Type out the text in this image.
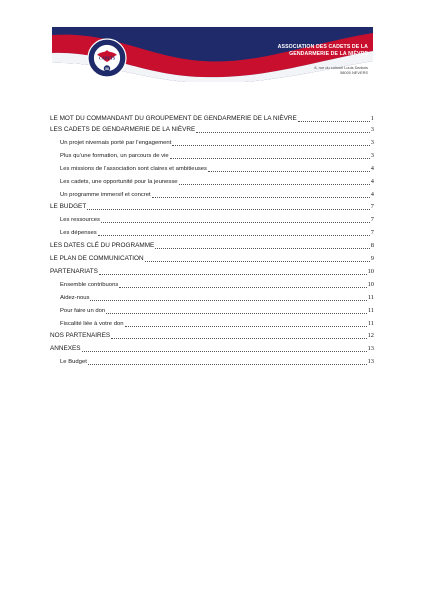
58
CADETS
ASSOCIATION DES CADETS DE LA
GENDARMERIE DE LA NIÈVRE
8, rue du colonel Louis Darbois
58000 NEVERS
LE MOT DU COMMANDANT DU GROUPEMENT DE GENDARMERIE DE LA NIÈVRE	1
LES CADETS DE GENDARMERIE DE LA NIÈVRE	3
Un projet nivernais porté par l’engagement	3
Plus qu’une formation, un parcours de vie	3
Les missions de l’association sont claires et ambitieuses	4
Les cadets, une opportunité pour la jeunesse	4
Un programme immersif et concret	4
LE BUDGET	7
Les ressources	7
Les dépenses	7
LES DATES CLÉ DU PROGRAMME	8
LE PLAN DE COMMUNICATION	9
PARTENARIATS	10
Ensemble contribuons	10
Aidez-nous	11
Pour faire un don	11
Fiscalité liée à votre don	11
NOS PARTENAIRES	12
ANNEXES	13
Le Budget	13
